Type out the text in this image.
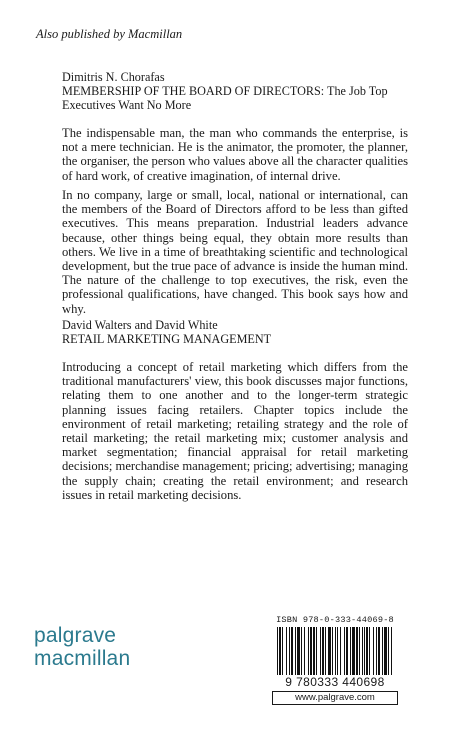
Also published by Macmillan

Dimitris N. Chorafas

MEMBERSHIP OF THE BOARD OF DIRECTORS: The Job Top

Executives Want No More

The indispensable man, the man who commands the enterprise, is not a mere technician. He is the animator, the promoter, the planner, the organiser, the person who values above all the character qualities of hard work, of creative imagination, of internal drive.

In no company, large or small, local, national or international, can the members of the Board of Directors afford to be less than gifted executives. This means preparation. Industrial leaders advance because, other things being equal, they obtain more results than others. We live in a time of breathtaking scientific and technological development, but the true pace of advance is inside the human mind. The nature of the challenge to top executives, the risk, even the professional qualifications, have changed. This book says how and why.

David Walters and David White

RETAIL MARKETING MANAGEMENT

Introducing a concept of retail marketing which differs from the traditional manufacturers' view, this book discusses major functions, relating them to one another and to the longer-term strategic planning issues facing retailers. Chapter topics include the environment of retail marketing; retailing strategy and the role of retail marketing; the retail marketing mix; customer analysis and market segmentation; financial appraisal for retail marketing decisions; merchandise management; pricing; advertising; managing the supply chain; creating the retail environment; and research issues in retail marketing decisions.

palgrave
macmillan
ISBN 978-0-333-44069-8
9 780333 440698
www.palgrave.com
